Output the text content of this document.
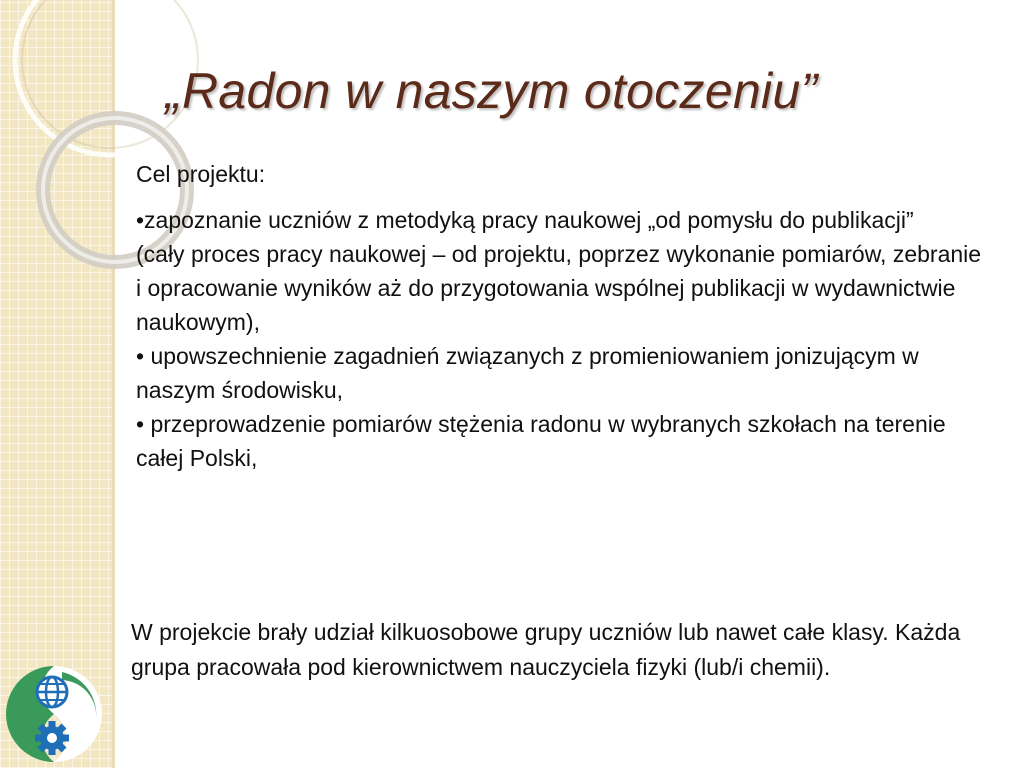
„Radon w naszym otoczeniu”

Cel projektu:

•zapoznanie uczniów z metodyką pracy naukowej „od pomysłu do publikacji”

(cały proces pracy naukowej – od projektu, poprzez wykonanie pomiarów, zebranie i opracowanie wyników aż do przygotowania wspólnej publikacji w wydawnictwie naukowym),

• upowszechnienie zagadnień związanych z promieniowaniem jonizującym w naszym środowisku,

• przeprowadzenie pomiarów stężenia radonu w wybranych szkołach na terenie całej Polski,

W projekcie brały udział kilkuosobowe grupy uczniów lub nawet całe klasy. Każda grupa pracowała pod kierownictwem nauczyciela fizyki (lub/i chemii).
